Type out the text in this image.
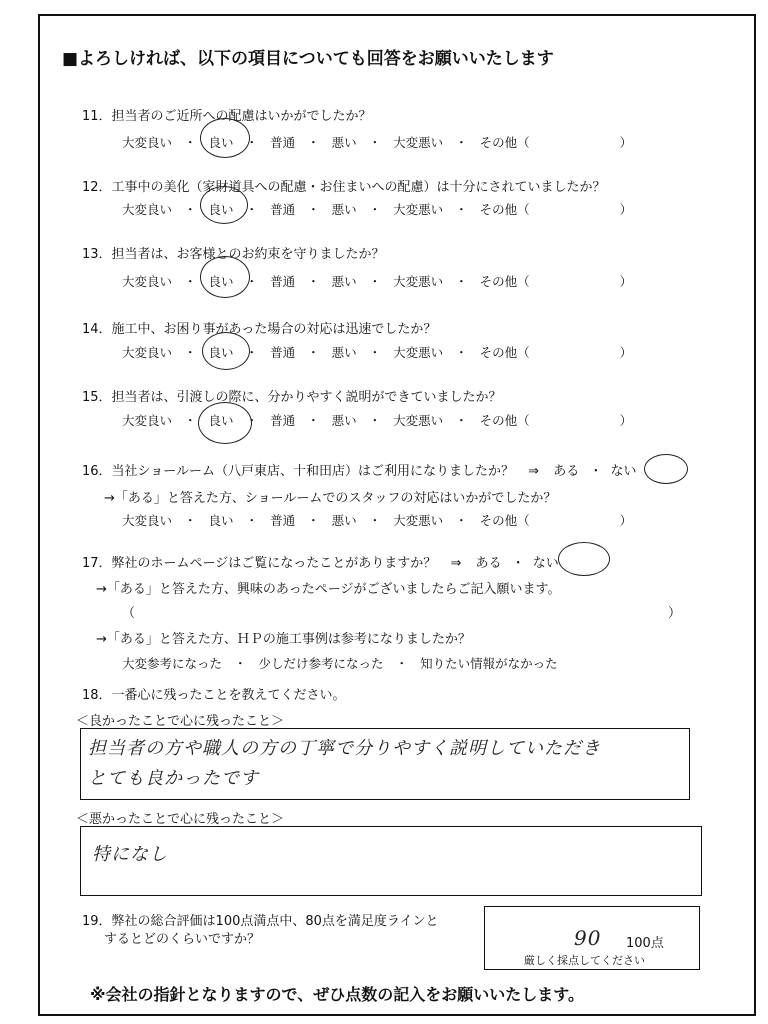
■よろしければ、以下の項目についても回答をお願いいたします
11．担当者のご近所への配慮はいかがでしたか？
大変良い ・ 良い ・ 普通 ・ 悪い ・ 大変悪い ・ その他（	）
12．工事中の美化（家財道具への配慮・お住まいへの配慮）は十分にされていましたか？
大変良い ・ 良い ・ 普通 ・ 悪い ・ 大変悪い ・ その他（	）
13．担当者は、お客様とのお約束を守りましたか？
大変良い ・ 良い ・ 普通 ・ 悪い ・ 大変悪い ・ その他（	）
14．施工中、お困り事があった場合の対応は迅速でしたか？
大変良い ・ 良い ・ 普通 ・ 悪い ・ 大変悪い ・ その他（	）
15．担当者は、引渡しの際に、分かりやすく説明ができていましたか？
大変良い ・ 良い ・ 普通 ・ 悪い ・ 大変悪い ・ その他（	）
16．当社ショールーム（八戸東店、十和田店）はご利用になりましたか？ ⇒ ある ・ ない
→「ある」と答えた方、ショールームでのスタッフの対応はいかがでしたか？
大変良い ・ 良い ・ 普通 ・ 悪い ・ 大変悪い ・ その他（	）
17．弊社のホームページはご覧になったことがありますか？ ⇒ ある ・ ない
→「ある」と答えた方、興味のあったページがございましたらご記入願います。
（	）
→「ある」と答えた方、ＨＰの施工事例は参考になりましたか？
大変参考になった ・ 少しだけ参考になった ・ 知りたい情報がなかった
18．一番心に残ったことを教えてください。
＜良かったことで心に残ったこと＞
担当者の方や職人の方の丁寧で分りやすく説明していただき
とても良かったです
＜悪かったことで心に残ったこと＞
特になし
19．弊社の総合評価は100点満点中、80点を満足度ラインと
するとどのくらいですか？	90 100点
厳しく採点してください
※会社の指針となりますので、ぜひ点数の記入をお願いいたします。
